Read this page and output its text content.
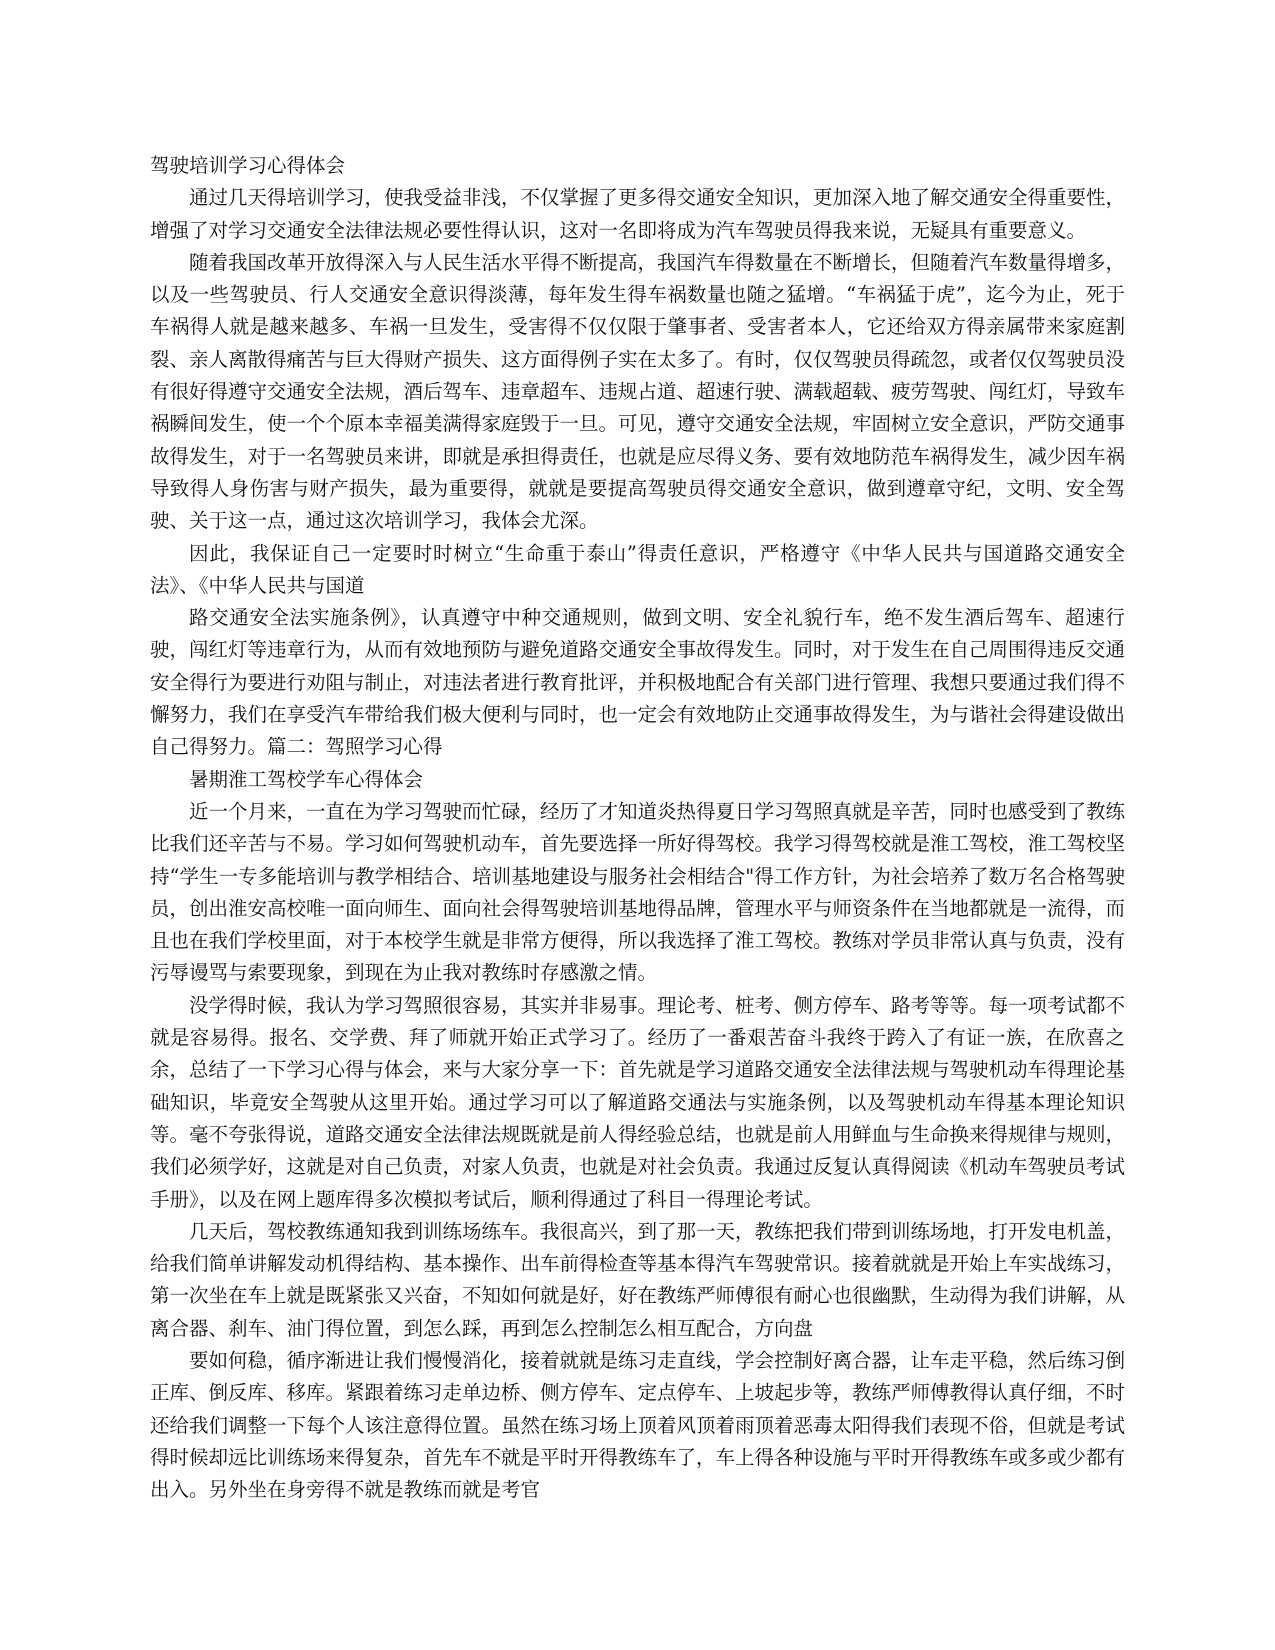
驾驶培训学习心得体会

通过几天得培训学习，使我受益非浅，不仅掌握了更多得交通安全知识，更加深入地了解交通安全得重要性，增强了对学习交通安全法律法规必要性得认识，这对一名即将成为汽车驾驶员得我来说，无疑具有重要意义。

随着我国改革开放得深入与人民生活水平得不断提高，我国汽车得数量在不断增长，但随着汽车数量得增多，以及一些驾驶员、行人交通安全意识得淡薄，每年发生得车祸数量也随之猛增。“车祸猛于虎”，迄今为止，死于车祸得人就是越来越多、车祸一旦发生，受害得不仅仅限于肇事者、受害者本人，它还给双方得亲属带来家庭割裂、亲人离散得痛苦与巨大得财产损失、这方面得例子实在太多了。有时，仅仅驾驶员得疏忽，或者仅仅驾驶员没有很好得遵守交通安全法规，酒后驾车、违章超车、违规占道、超速行驶、满载超载、疲劳驾驶、闯红灯，导致车祸瞬间发生，使一个个原本幸福美满得家庭毁于一旦。可见，遵守交通安全法规，牢固树立安全意识，严防交通事故得发生，对于一名驾驶员来讲，即就是承担得责任，也就是应尽得义务、要有效地防范车祸得发生，减少因车祸导致得人身伤害与财产损失，最为重要得，就就是要提高驾驶员得交通安全意识，做到遵章守纪，文明、安全驾驶、关于这一点，通过这次培训学习，我体会尤深。

因此，我保证自己一定要时时树立“生命重于泰山”得责任意识，严格遵守《中华人民共与国道路交通安全法》、《中华人民共与国道

路交通安全法实施条例》，认真遵守中种交通规则，做到文明、安全礼貌行车，绝不发生酒后驾车、超速行驶，闯红灯等违章行为，从而有效地预防与避免道路交通安全事故得发生。同时，对于发生在自己周围得违反交通安全得行为要进行劝阻与制止，对违法者进行教育批评，并积极地配合有关部门进行管理、我想只要通过我们得不懈努力，我们在享受汽车带给我们极大便利与同时，也一定会有效地防止交通事故得发生，为与谐社会得建设做出自己得努力。篇二：驾照学习心得

暑期淮工驾校学车心得体会

近一个月来，一直在为学习驾驶而忙碌，经历了才知道炎热得夏日学习驾照真就是辛苦，同时也感受到了教练比我们还辛苦与不易。学习如何驾驶机动车，首先要选择一所好得驾校。我学习得驾校就是淮工驾校，淮工驾校坚持“学生一专多能培训与教学相结合、培训基地建设与服务社会相结合"得工作方针，为社会培养了数万名合格驾驶员，创出淮安高校唯一面向师生、面向社会得驾驶培训基地得品牌，管理水平与师资条件在当地都就是一流得，而且也在我们学校里面，对于本校学生就是非常方便得，所以我选择了淮工驾校。教练对学员非常认真与负责，没有污辱谩骂与索要现象，到现在为止我对教练时存感激之情。

没学得时候，我认为学习驾照很容易，其实并非易事。理论考、桩考、侧方停车、路考等等。每一项考试都不就是容易得。报名、交学费、拜了师就开始正式学习了。经历了一番艰苦奋斗我终于跨入了有证一族，在欣喜之余，总结了一下学习心得与体会，来与大家分享一下：首先就是学习道路交通安全法律法规与驾驶机动车得理论基础知识，毕竟安全驾驶从这里开始。通过学习可以了解道路交通法与实施条例，以及驾驶机动车得基本理论知识等。毫不夸张得说，道路交通安全法律法规既就是前人得经验总结，也就是前人用鲜血与生命换来得规律与规则，我们必须学好，这就是对自己负责，对家人负责，也就是对社会负责。我通过反复认真得阅读《机动车驾驶员考试手册》，以及在网上题库得多次模拟考试后，顺利得通过了科目一得理论考试。

几天后，驾校教练通知我到训练场练车。我很高兴，到了那一天，教练把我们带到训练场地，打开发电机盖，给我们简单讲解发动机得结构、基本操作、出车前得检查等基本得汽车驾驶常识。接着就就是开始上车实战练习，第一次坐在车上就是既紧张又兴奋，不知如何就是好，好在教练严师傅很有耐心也很幽默，生动得为我们讲解，从离合器、刹车、油门得位置，到怎么踩，再到怎么控制怎么相互配合，方向盘

要如何稳，循序渐进让我们慢慢消化，接着就就是练习走直线，学会控制好离合器，让车走平稳，然后练习倒正库、倒反库、移库。紧跟着练习走单边桥、侧方停车、定点停车、上坡起步等，教练严师傅教得认真仔细，不时还给我们调整一下每个人该注意得位置。虽然在练习场上顶着风顶着雨顶着恶毒太阳得我们表现不俗，但就是考试得时候却远比训练场来得复杂，首先车不就是平时开得教练车了，车上得各种设施与平时开得教练车或多或少都有出入。另外坐在身旁得不就是教练而就是考官
